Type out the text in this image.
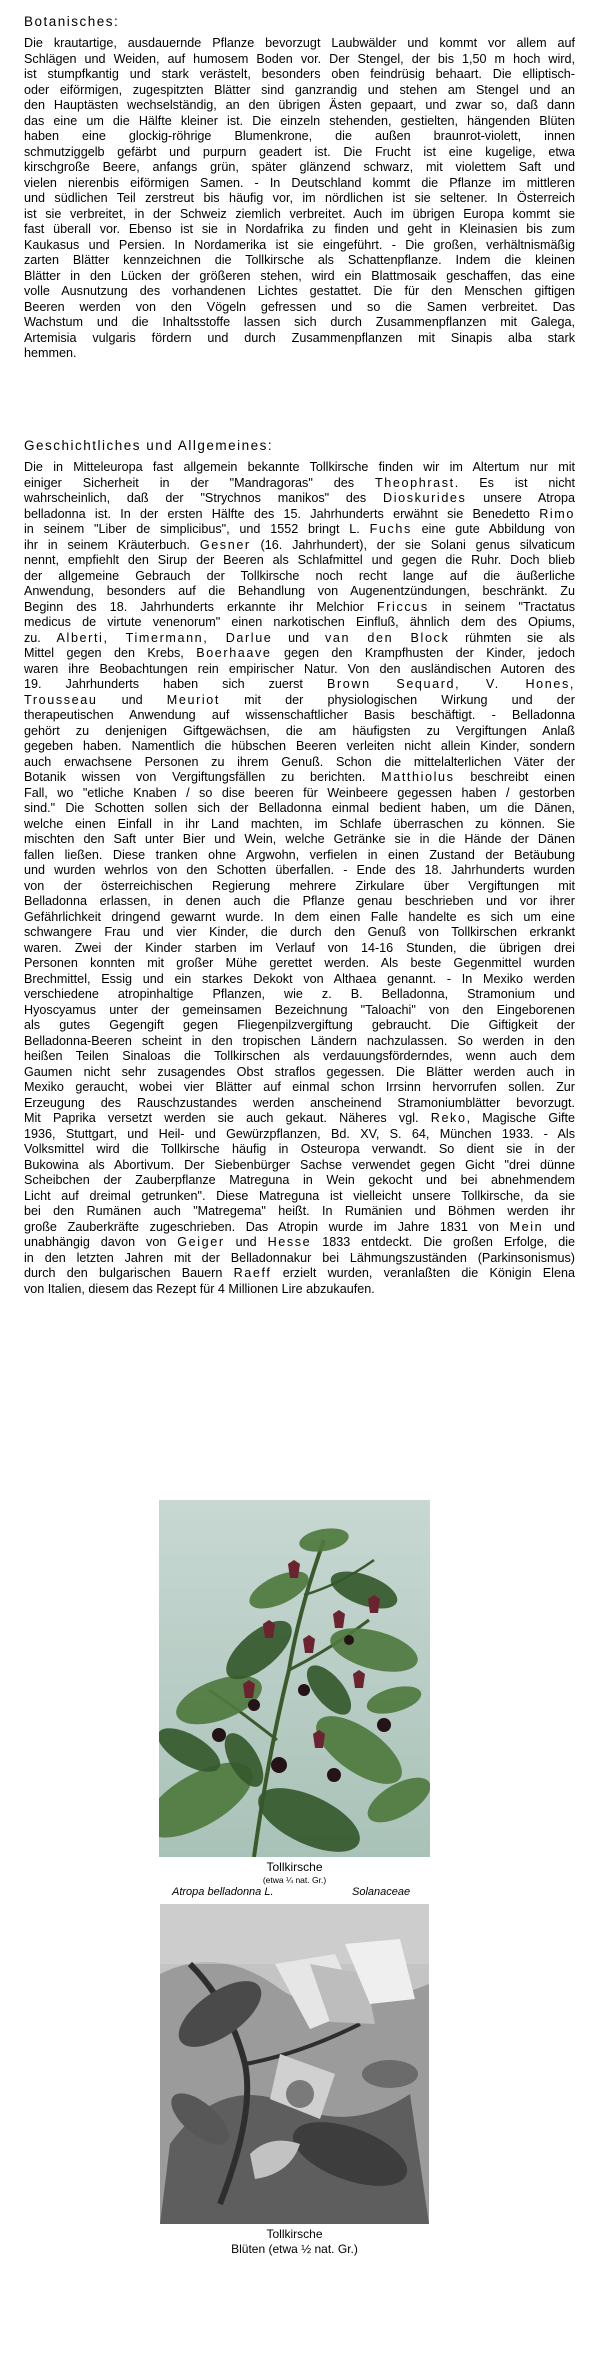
Botanisches:
Die krautartige, ausdauernde Pflanze bevorzugt Laubwälder und kommt vor allem auf
Schlägen und Weiden, auf humosem Boden vor. Der Stengel, der bis 1,50 m hoch wird,
ist stumpfkantig und stark verästelt, besonders oben feindrüsig behaart. Die elliptisch-
oder eiförmigen, zugespitzten Blätter sind ganzrandig und stehen am Stengel und an
den Hauptästen wechselständig, an den übrigen Ästen gepaart, und zwar so, daß dann
das eine um die Hälfte kleiner ist. Die einzeln stehenden, gestielten, hängenden Blüten
haben eine glockig-röhrige Blumenkrone, die außen braunrot-violett, innen
schmutziggelb gefärbt und purpurn geadert ist. Die Frucht ist eine kugelige, etwa
kirschgroße Beere, anfangs grün, später glänzend schwarz, mit violettem Saft und
vielen nierenbis eiförmigen Samen. - In Deutschland kommt die Pflanze im mittleren
und südlichen Teil zerstreut bis häufig vor, im nördlichen ist sie seltener. In Österreich
ist sie verbreitet, in der Schweiz ziemlich verbreitet. Auch im übrigen Europa kommt sie
fast überall vor. Ebenso ist sie in Nordafrika zu finden und geht in Kleinasien bis zum
Kaukasus und Persien. In Nordamerika ist sie eingeführt. - Die großen, verhältnismäßig
zarten Blätter kennzeichnen die Tollkirsche als Schattenpflanze. Indem die kleinen
Blätter in den Lücken der größeren stehen, wird ein Blattmosaik geschaffen, das eine
volle Ausnutzung des vorhandenen Lichtes gestattet. Die für den Menschen giftigen
Beeren werden von den Vögeln gefressen und so die Samen verbreitet. Das
Wachstum und die Inhaltsstoffe lassen sich durch Zusammenpflanzen mit Galega,
Artemisia vulgaris fördern und durch Zusammenpflanzen mit Sinapis alba stark
hemmen.
Geschichtliches und Allgemeines:
Die in Mitteleuropa fast allgemein bekannte Tollkirsche finden wir im Altertum nur mit
einiger Sicherheit in der "Mandragoras" des Theophrast. Es ist nicht
wahrscheinlich, daß der "Strychnos manikos" des Dioskurides unsere Atropa
belladonna ist. In der ersten Hälfte des 15. Jahrhunderts erwähnt sie Benedetto Rimo
in seinem "Liber de simplicibus", und 1552 bringt L. Fuchs eine gute Abbildung von
ihr in seinem Kräuterbuch. Gesner (16. Jahrhundert), der sie Solani genus silvaticum
nennt, empfiehlt den Sirup der Beeren als Schlafmittel und gegen die Ruhr. Doch blieb
der allgemeine Gebrauch der Tollkirsche noch recht lange auf die äußerliche
Anwendung, besonders auf die Behandlung von Augenentzündungen, beschränkt. Zu
Beginn des 18. Jahrhunderts erkannte ihr Melchior Friccus in seinem "Tractatus
medicus de virtute venenorum" einen narkotischen Einfluß, ähnlich dem des Opiums,
zu. Alberti, Timermann, Darlue und van den Block rühmten sie als
Mittel gegen den Krebs, Boerhaave gegen den Krampfhusten der Kinder, jedoch
waren ihre Beobachtungen rein empirischer Natur. Von den ausländischen Autoren des
19. Jahrhunderts haben sich zuerst Brown Sequard, V. Hones,
Trousseau und Meuriot mit der physiologischen Wirkung und der
therapeutischen Anwendung auf wissenschaftlicher Basis beschäftigt. - Belladonna
gehört zu denjenigen Giftgewächsen, die am häufigsten zu Vergiftungen Anlaß
gegeben haben. Namentlich die hübschen Beeren verleiten nicht allein Kinder, sondern
auch erwachsene Personen zu ihrem Genuß. Schon die mittelalterlichen Väter der
Botanik wissen von Vergiftungsfällen zu berichten. Matthiolus beschreibt einen
Fall, wo "etliche Knaben / so dise beeren für Weinbeere gegessen haben / gestorben
sind." Die Schotten sollen sich der Belladonna einmal bedient haben, um die Dänen,
welche einen Einfall in ihr Land machten, im Schlafe überraschen zu können. Sie
mischten den Saft unter Bier und Wein, welche Getränke sie in die Hände der Dänen
fallen ließen. Diese tranken ohne Argwohn, verfielen in einen Zustand der Betäubung
und wurden wehrlos von den Schotten überfallen. - Ende des 18. Jahrhunderts wurden
von der österreichischen Regierung mehrere Zirkulare über Vergiftungen mit
Belladonna erlassen, in denen auch die Pflanze genau beschrieben und vor ihrer
Gefährlichkeit dringend gewarnt wurde. In dem einen Falle handelte es sich um eine
schwangere Frau und vier Kinder, die durch den Genuß von Tollkirschen erkrankt
waren. Zwei der Kinder starben im Verlauf von 14-16 Stunden, die übrigen drei
Personen konnten mit großer Mühe gerettet werden. Als beste Gegenmittel wurden
Brechmittel, Essig und ein starkes Dekokt von Althaea genannt. - In Mexiko werden
verschiedene atropinhaltige Pflanzen, wie z. B. Belladonna, Stramonium und
Hyoscyamus unter der gemeinsamen Bezeichnung "Taloachi" von den Eingeborenen
als gutes Gegengift gegen Fliegenpilzvergiftung gebraucht. Die Giftigkeit der
Belladonna-Beeren scheint in den tropischen Ländern nachzulassen. So werden in den
heißen Teilen Sinaloas die Tollkirschen als verdauungsförderndes, wenn auch dem
Gaumen nicht sehr zusagendes Obst straflos gegessen. Die Blätter werden auch in
Mexiko geraucht, wobei vier Blätter auf einmal schon Irrsinn hervorrufen sollen. Zur
Erzeugung des Rauschzustandes werden anscheinend Stramoniumblätter bevorzugt.
Mit Paprika versetzt werden sie auch gekaut. Näheres vgl. Reko, Magische Gifte
1936, Stuttgart, und Heil- und Gewürzpflanzen, Bd. XV, S. 64, München 1933. - Als
Volksmittel wird die Tollkirsche häufig in Osteuropa verwandt. So dient sie in der
Bukowina als Abortivum. Der Siebenbürger Sachse verwendet gegen Gicht "drei dünne
Scheibchen der Zauberpflanze Matreguna in Wein gekocht und bei abnehmendem
Licht auf dreimal getrunken". Diese Matreguna ist vielleicht unsere Tollkirsche, da sie
bei den Rumänen auch "Matregema" heißt. In Rumänien und Böhmen werden ihr
große Zauberkräfte zugeschrieben. Das Atropin wurde im Jahre 1831 von Mein und
unabhängig davon von Geiger und Hesse 1833 entdeckt. Die großen Erfolge, die
in den letzten Jahren mit der Belladonnakur bei Lähmungszuständen (Parkinsonismus)
durch den bulgarischen Bauern Raeff erzielt wurden, veranlaßten die Königin Elena
von Italien, diesem das Rezept für 4 Millionen Lire abzukaufen.
Tollkirsche
(etwa ¼ nat. Gr.)
Atropa belladonna L.	Solanaceae
Tollkirsche
Blüten (etwa ½ nat. Gr.)
